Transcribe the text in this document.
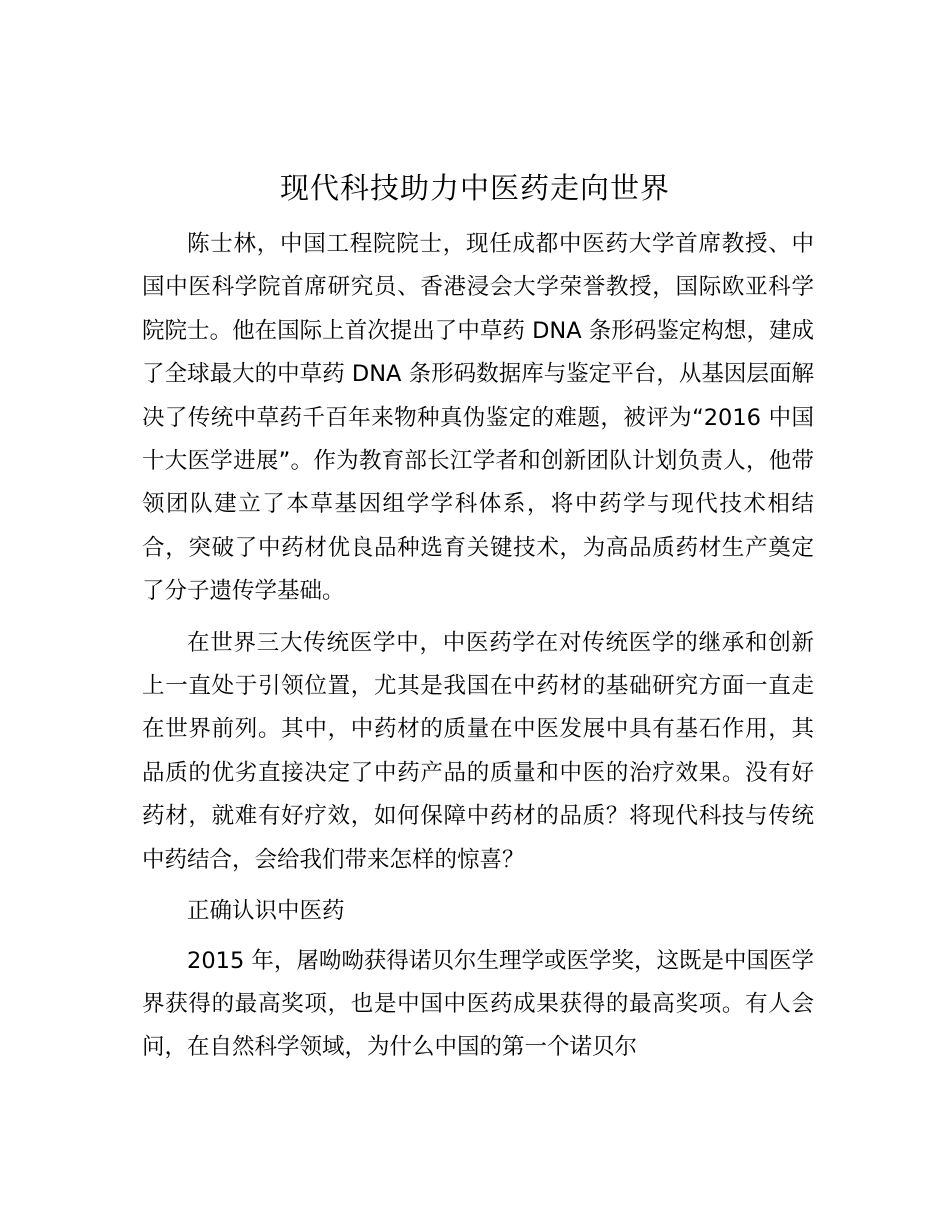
现代科技助力中医药走向世界

陈士林，中国工程院院士，现任成都中医药大学首席教授、中国中医科学院首席研究员、香港浸会大学荣誉教授，国际欧亚科学院院士。他在国际上首次提出了中草药 DNA 条形码鉴定构想，建成了全球最大的中草药 DNA 条形码数据库与鉴定平台，从基因层面解决了传统中草药千百年来物种真伪鉴定的难题，被评为“2016 中国十大医学进展”。作为教育部长江学者和创新团队计划负责人，他带领团队建立了本草基因组学学科体系，将中药学与现代技术相结合，突破了中药材优良品种选育关键技术，为高品质药材生产奠定了分子遗传学基础。

在世界三大传统医学中，中医药学在对传统医学的继承和创新上一直处于引领位置，尤其是我国在中药材的基础研究方面一直走在世界前列。其中，中药材的质量在中医发展中具有基石作用，其品质的优劣直接决定了中药产品的质量和中医的治疗效果。没有好药材，就难有好疗效，如何保障中药材的品质？将现代科技与传统中药结合，会给我们带来怎样的惊喜？

正确认识中医药

2015 年，屠呦呦获得诺贝尔生理学或医学奖，这既是中国医学界获得的最高奖项，也是中国中医药成果获得的最高奖项。有人会问，在自然科学领域，为什么中国的第一个诺贝尔
